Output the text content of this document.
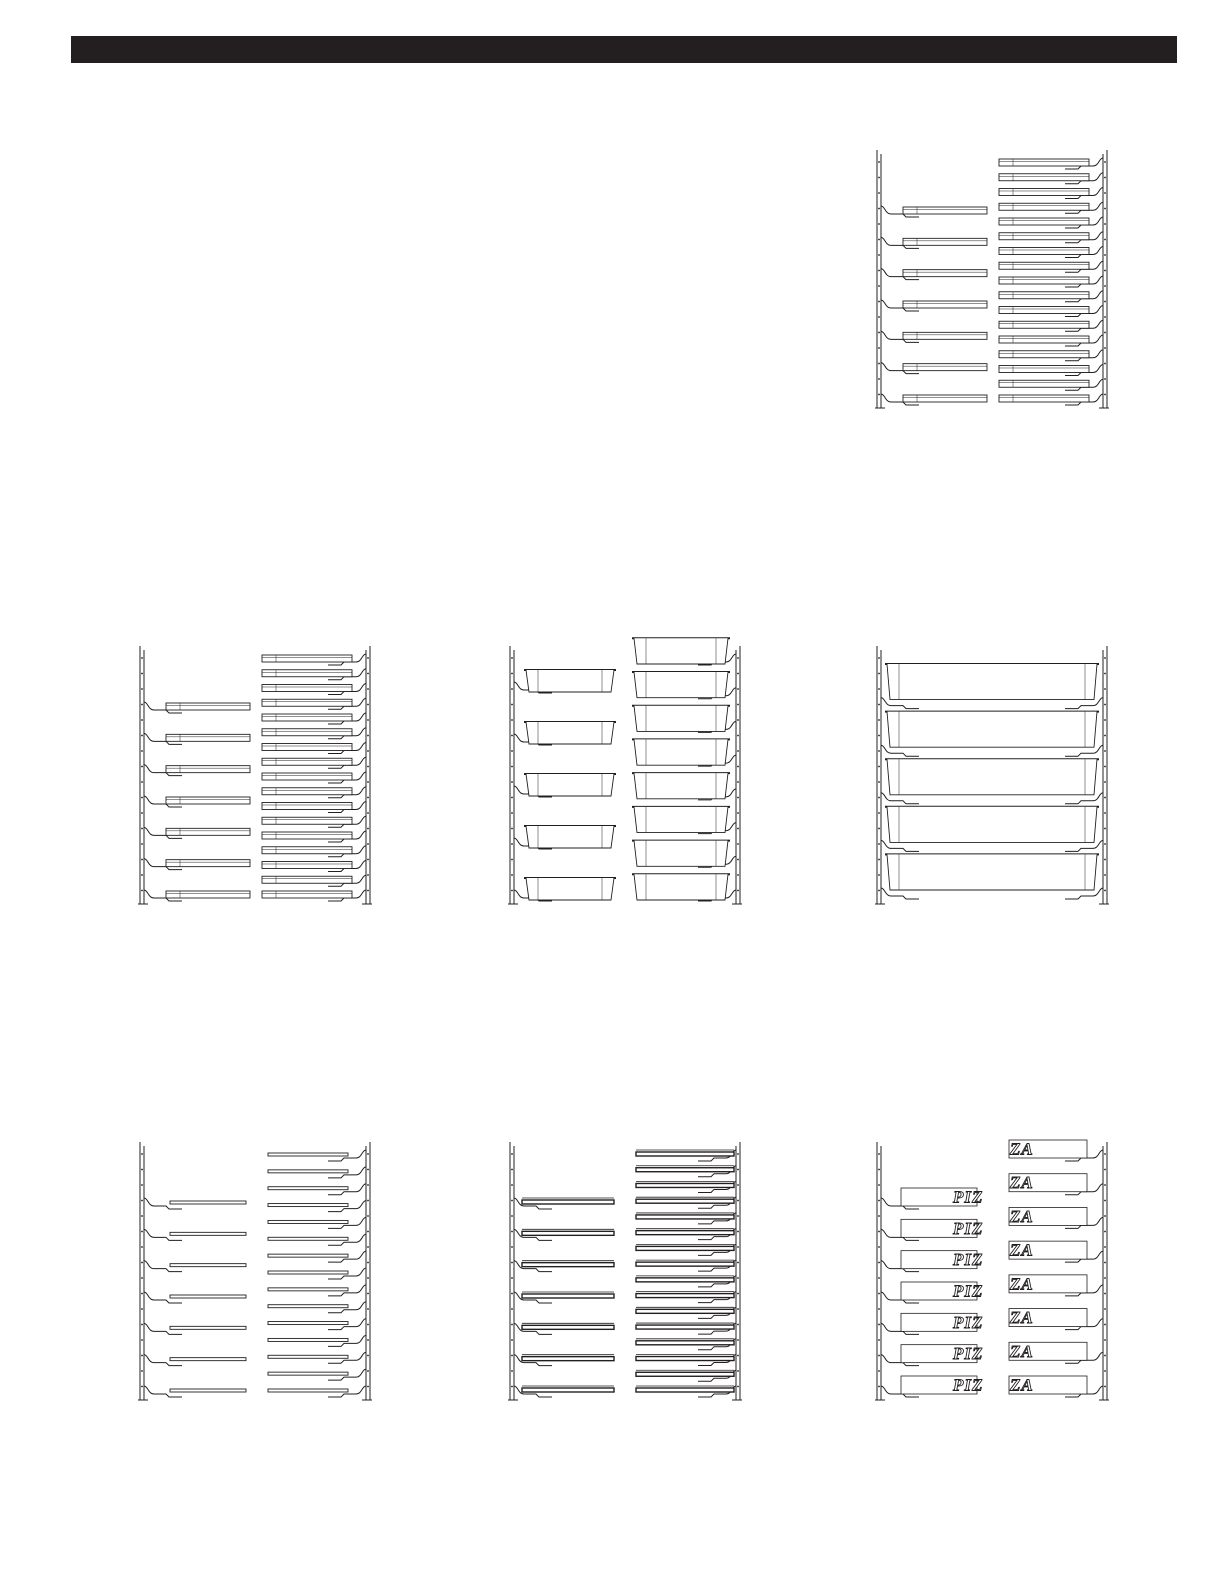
PIZ
PIZ
PIZ
PIZ
PIZ
PIZ
PIZ
ZA
ZA
ZA
ZA
ZA
ZA
ZA
ZA
